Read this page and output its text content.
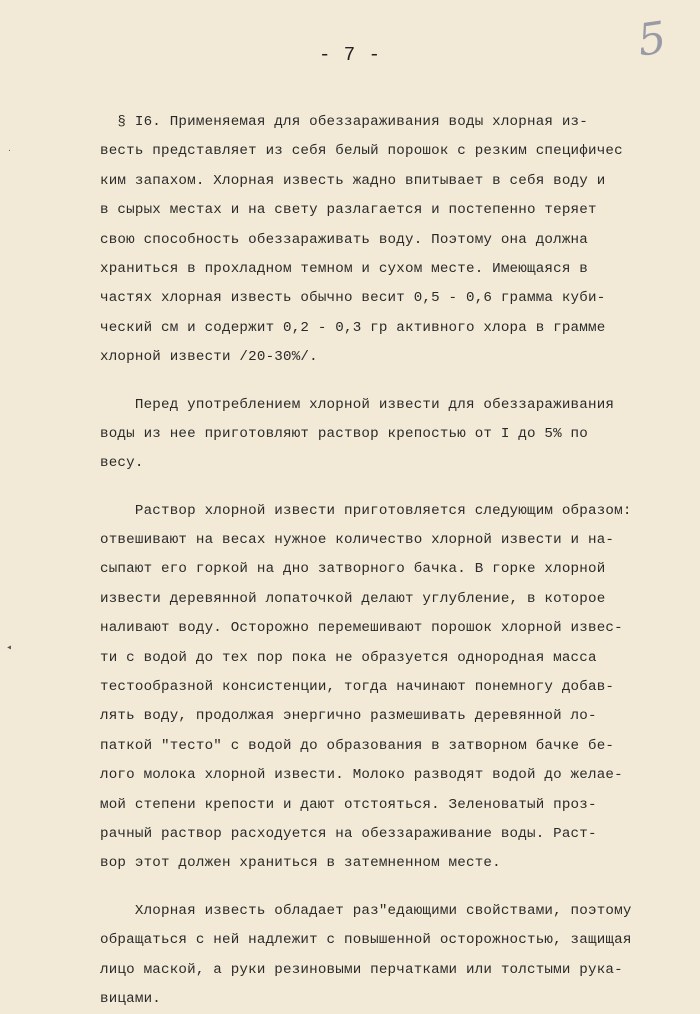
5
- 7 -
ᐧ
◂
§ I6. Применяемая для обеззараживания воды хлорная из-
весть представляет из себя белый порошок с резким специфичес
ким запахом. Хлорная известь жадно впитывает в себя воду и
в сырых местах и на свету разлагается и постепенно теряет
свою способность обеззараживать воду. Поэтому она должна
храниться в прохладном темном и сухом месте. Имеющаяся в
частях хлорная известь обычно весит 0,5 - 0,6 грамма куби-
ческий см и содержит 0,2 - 0,3 гр активного хлора в грамме
хлорной извести /20-30%/.
Перед употреблением хлорной извести для обеззараживания
воды из нее приготовляют раствор крепостью от I до 5% по
весу.
Раствор хлорной извести приготовляется следующим образом:
отвешивают на весах нужное количество хлорной извести и на-
сыпают его горкой на дно затворного бачка. В горке хлорной
извести деревянной лопаточкой делают углубление, в которое
наливают воду. Осторожно перемешивают порошок хлорной извес-
ти с водой до тех пор пока не образуется однородная масса
тестообразной консистенции, тогда начинают понемногу добав-
лять воду, продолжая энергично размешивать деревянной ло-
паткой "тесто" с водой до образования в затворном бачке бе-
лого молока хлорной извести. Молоко разводят водой до желае-
мой степени крепости и дают отстояться. Зеленоватый проз-
рачный раствор расходуется на обеззараживание воды. Раст-
вор этот должен храниться в затемненном месте.
Хлорная известь обладает раз"едающими свойствами, поэтому
обращаться с ней надлежит с повышенной осторожностью, защищая
лицо маской, а руки резиновыми перчатками или толстыми рука-
вицами.
